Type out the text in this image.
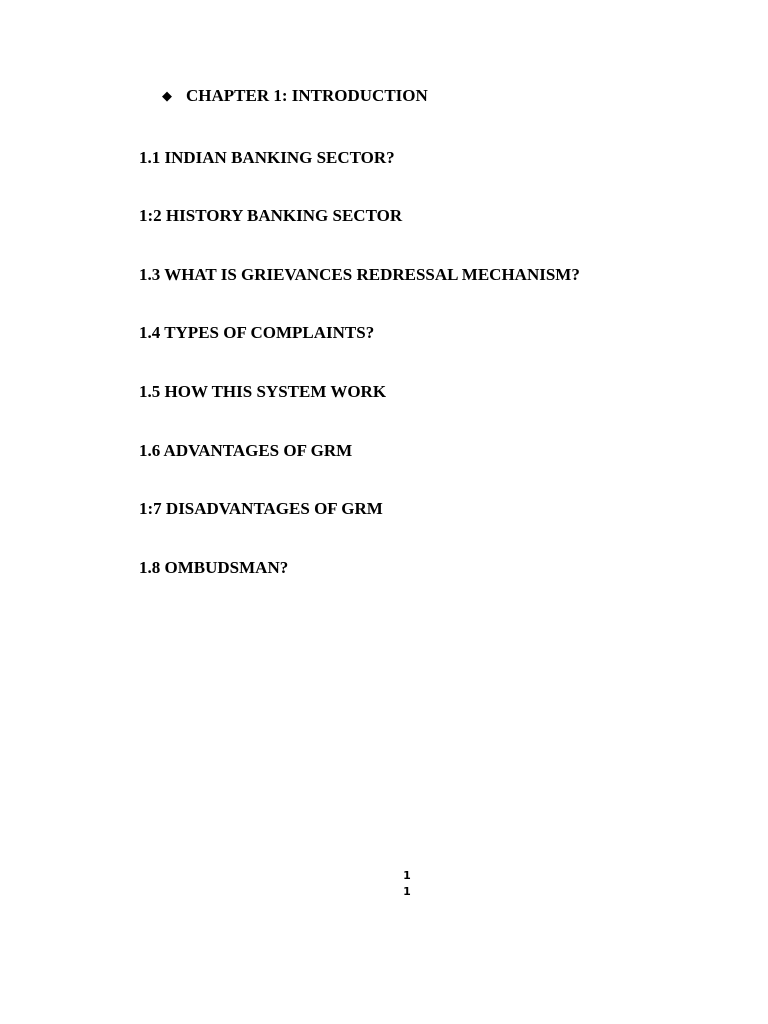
◆ CHAPTER 1: INTRODUCTION
1.1 INDIAN BANKING SECTOR?
1:2 HISTORY BANKING SECTOR
1.3 WHAT IS GRIEVANCES REDRESSAL MECHANISM?
1.4 TYPES OF COMPLAINTS?
1.5 HOW THIS SYSTEM WORK
1.6 ADVANTAGES OF GRM
1:7 DISADVANTAGES OF GRM
1.8 OMBUDSMAN?
1
1
